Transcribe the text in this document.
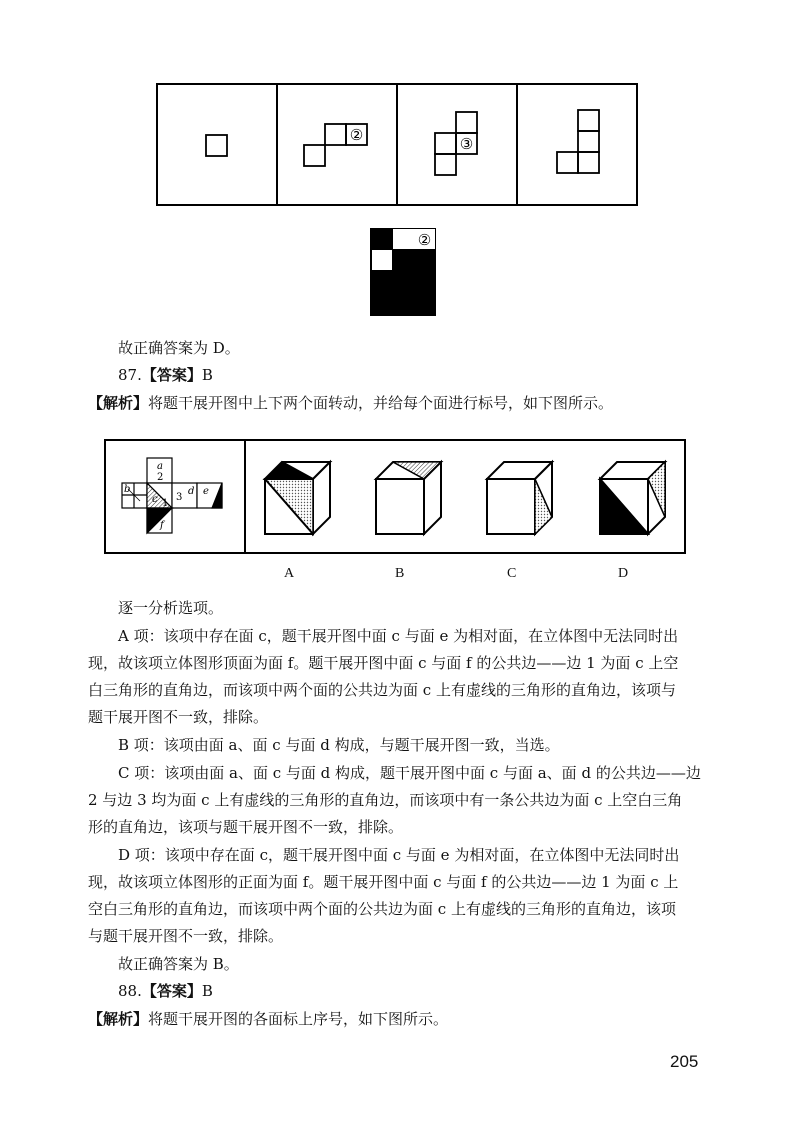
②	③
②
故正确答案为 D。
87.【答案】B
【解析】将题干展开图中上下两个面转动，并给每个面进行标号，如下图所示。
a
2
b
c 1
3
d e
f
A	B	C	D
逐一分析选项。
A 项：该项中存在面 c，题干展开图中面 c 与面 e 为相对面，在立体图中无法同时出
现，故该项立体图形顶面为面 f。题干展开图中面 c 与面 f 的公共边——边 1 为面 c 上空
白三角形的直角边，而该项中两个面的公共边为面 c 上有虚线的三角形的直角边，该项与
题干展开图不一致，排除。
B 项：该项由面 a、面 c 与面 d 构成，与题干展开图一致，当选。
C 项：该项由面 a、面 c 与面 d 构成，题干展开图中面 c 与面 a、面 d 的公共边——边
2 与边 3 均为面 c 上有虚线的三角形的直角边，而该项中有一条公共边为面 c 上空白三角
形的直角边，该项与题干展开图不一致，排除。
D 项：该项中存在面 c，题干展开图中面 c 与面 e 为相对面，在立体图中无法同时出
现，故该项立体图形的正面为面 f。题干展开图中面 c 与面 f 的公共边——边 1 为面 c 上
空白三角形的直角边，而该项中两个面的公共边为面 c 上有虚线的三角形的直角边，该项
与题干展开图不一致，排除。
故正确答案为 B。
88.【答案】B
【解析】将题干展开图的各面标上序号，如下图所示。
205
